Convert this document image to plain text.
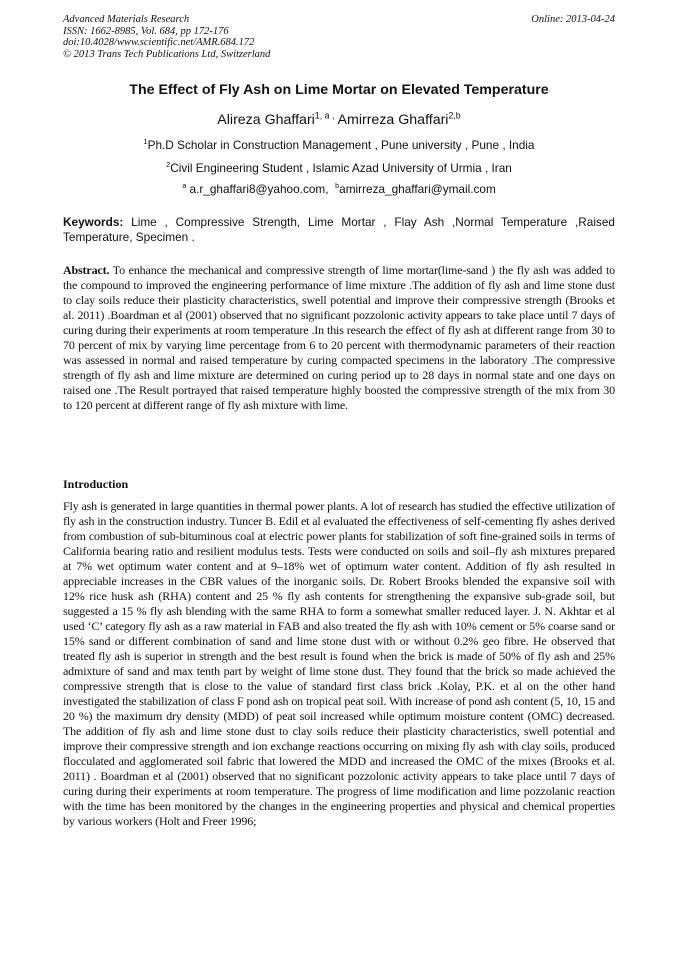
Advanced Materials Research
ISSN: 1662-8985, Vol. 684, pp 172-176
doi:10.4028/www.scientific.net/AMR.684.172
© 2013 Trans Tech Publications Ltd, Switzerland
Online: 2013-04-24
The Effect of Fly Ash on Lime Mortar on Elevated Temperature
Alireza Ghaffari$^{1, a ,}$ Amirreza Ghaffari$^{2,b}$
$^1$Ph.D Scholar in Construction Management , Pune university , Pune , India
$^2$Civil Engineering Student , Islamic Azad University of Urmia , Iran
$^a$ a.r_ghaffari8@yahoo.com, $^b$amirreza_ghaffari@ymail.com
Keywords: Lime , Compressive Strength, Lime Mortar , Flay Ash ,Normal Temperature ,Raised Temperature, Specimen .
Abstract. To enhance the mechanical and compressive strength of lime mortar(lime-sand ) the fly ash was added to the compound to improved the engineering performance of lime mixture .The addition of fly ash and lime stone dust to clay soils reduce their plasticity characteristics, swell potential and improve their compressive strength (Brooks et al. 2011) .Boardman et al (2001) observed that no significant pozzolonic activity appears to take place until 7 days of curing during their experiments at room temperature .In this research the effect of fly ash at different range from 30 to 70 percent of mix by varying lime percentage from 6 to 20 percent with thermodynamic parameters of their reaction was assessed in normal and raised temperature by curing compacted specimens in the laboratory .The compressive strength of fly ash and lime mixture are determined on curing period up to 28 days in normal state and one days on raised one .The Result portrayed that raised temperature highly boosted the compressive strength of the mix from 30 to 120 percent at different range of fly ash mixture with lime.
Introduction
Fly ash is generated in large quantities in thermal power plants. A lot of research has studied the effective utilization of fly ash in the construction industry. Tuncer B. Edil et al evaluated the effectiveness of self-cementing fly ashes derived from combustion of sub-bituminous coal at electric power plants for stabilization of soft fine-grained soils in terms of California bearing ratio and resilient modulus tests. Tests were conducted on soils and soil–fly ash mixtures prepared at 7% wet optimum water content and at 9–18% wet of optimum water content. Addition of fly ash resulted in appreciable increases in the CBR values of the inorganic soils. Dr. Robert Brooks blended the expansive soil with 12% rice husk ash (RHA) content and 25 % fly ash contents for strengthening the expansive sub-grade soil, but suggested a 15 % fly ash blending with the same RHA to form a somewhat smaller reduced layer. J. N. Akhtar et al used ‘C’ category fly ash as a raw material in FAB and also treated the fly ash with 10% cement or 5% coarse sand or 15% sand or different combination of sand and lime stone dust with or without 0.2% geo fibre. He observed that treated fly ash is superior in strength and the best result is found when the brick is made of 50% of fly ash and 25% admixture of sand and max tenth part by weight of lime stone dust. They found that the brick so made achieved the compressive strength that is close to the value of standard first class brick .Kolay, P.K. et al on the other hand investigated the stabilization of class F pond ash on tropical peat soil. With increase of pond ash content (5, 10, 15 and 20 %) the maximum dry density (MDD) of peat soil increased while optimum moisture content (OMC) decreased. The addition of fly ash and lime stone dust to clay soils reduce their plasticity characteristics, swell potential and improve their compressive strength and ion exchange reactions occurring on mixing fly ash with clay soils, produced flocculated and agglomerated soil fabric that lowered the MDD and increased the OMC of the mixes (Brooks et al. 2011) . Boardman et al (2001) observed that no significant pozzolonic activity appears to take place until 7 days of curing during their experiments at room temperature. The progress of lime modification and lime pozzolanic reaction with the time has been monitored by the changes in the engineering properties and physical and chemical properties by various workers (Holt and Freer 1996;
